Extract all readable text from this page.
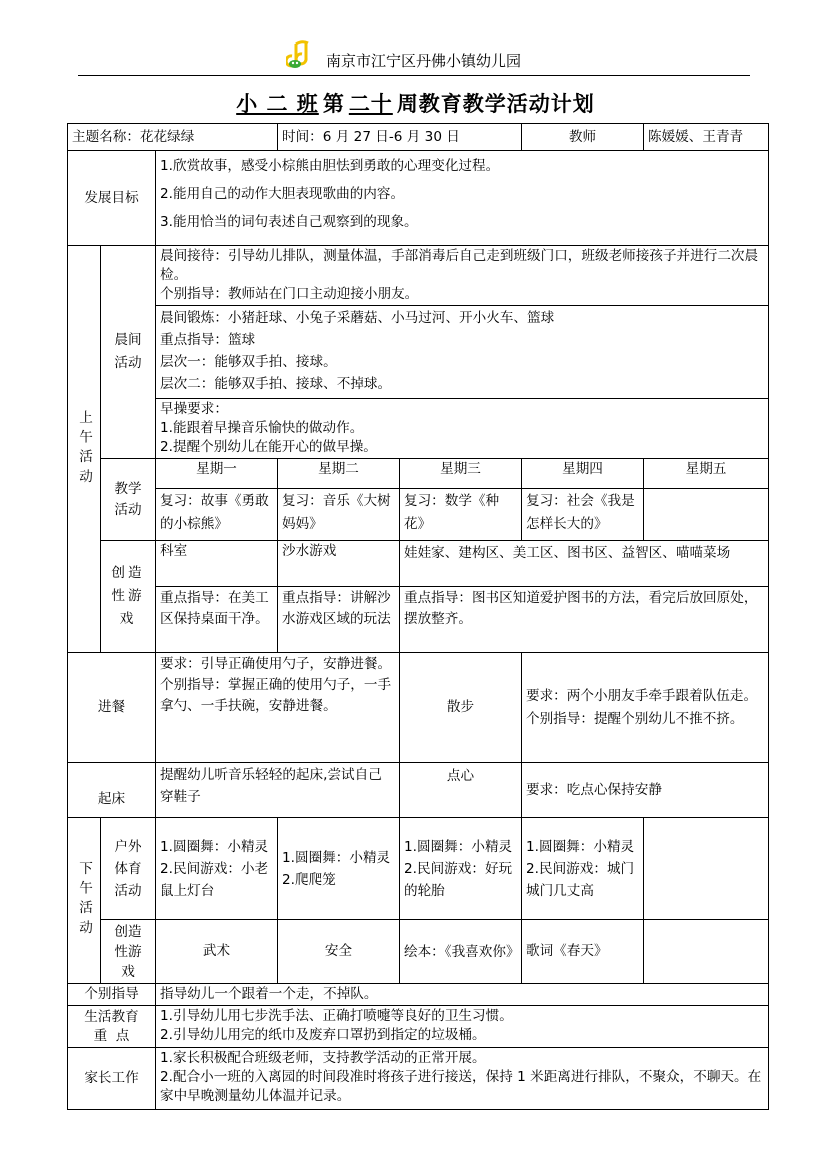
南京市江宁区丹佛小镇幼儿园
小 二 班 第 二十 周教育教学活动计划
主题名称：花花绿绿			时间：6 月 27 日-6 月 30 日		教师	陈媛媛、王青青
发展目标		1.欣赏故事，感受小棕熊由胆怯到勇敢的心理变化过程。
2.能用自己的动作大胆表现歌曲的内容。
3.能用恰当的词句表述自己观察到的现象。				

上午活动	晨间活动	晨间接待：引导幼儿排队，测量体温，手部消毒后自己走到班级门口，班级老师接孩子并进行二次晨检。
个别指导：教师站在门口主动迎接小朋友。				

		晨间锻炼：小猪赶球、小兔子采蘑菇、小马过河、开小火车、篮球
重点指导：篮球
层次一：能够双手拍、接球。
层次二：能够双手拍、接球、不掉球。				

		早操要求：
1.能跟着早操音乐愉快的做动作。
2.提醒个别幼儿在能开心的做早操。				

	教学活动	星期一	星期二	星期三	星期四	星期五
		复习：故事《勇敢的小棕熊》	复习：音乐《大树妈妈》	复习：数学《种花》	复习：社会《我是怎样长大的》	
	创造性游戏	科室	沙水游戏	娃娃家、建构区、美工区、图书区、益智区、喵喵菜场		
		重点指导：在美工区保持桌面干净。	重点指导：讲解沙水游戏区域的玩法	重点指导：图书区知道爱护图书的方法，看完后放回原处，摆放整齐。		
进餐		要求：引导正确使用勺子，安静进餐。
个别指导：掌握正确的使用勺子，一手拿勺、一手扶碗，安静进餐。		散步	要求：两个小朋友手牵手跟着队伍走。
个别指导：提醒个别幼儿不推不挤。	

起床		提醒幼儿听音乐轻轻的起床,尝试自己穿鞋子		点心	要求：吃点心保持安静	
下午活动	户外体育活动	1.圆圈舞：小精灵
2.民间游戏：小老鼠上灯台	1.圆圈舞：小精灵
2.爬爬笼	1.圆圈舞：小精灵
2.民间游戏：好玩的轮胎	1.圆圈舞：小精灵
2.民间游戏：城门城门几丈高	

	创造性游戏	武术	安全	绘本：《我喜欢你》	歌词《春天》	
个别指导		指导幼儿一个跟着一个走，不掉队。				
生活教育重  点		1.引导幼儿用七步洗手法、正确打喷嚏等良好的卫生习惯。
2.引导幼儿用完的纸巾及废弃口罩扔到指定的垃圾桶。				

家长工作		1.家长积极配合班级老师，支持教学活动的正常开展。
2.配合小一班的入离园的时间段准时将孩子进行接送，保持 1 米距离进行排队，不聚众，不聊天。在家中早晚测量幼儿体温并记录。				
